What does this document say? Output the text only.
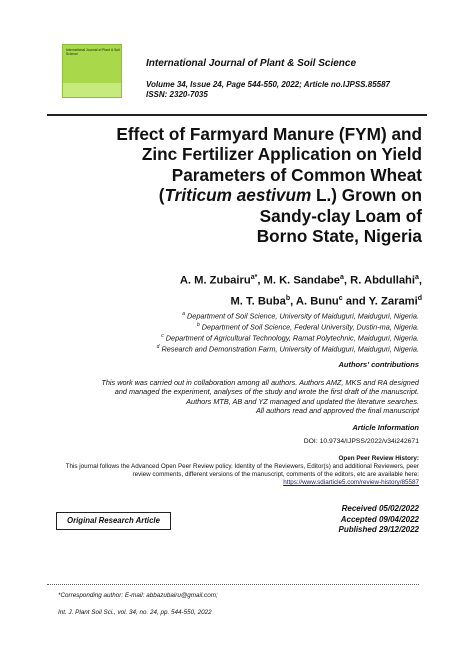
International Journal of Plant & Soil Science
International Journal of Plant & Soil Science
Volume 34, Issue 24, Page 544-550, 2022; Article no.IJPSS.85587
ISSN: 2320-7035
Effect of Farmyard Manure (FYM) and
Zinc Fertilizer Application on Yield
Parameters of Common Wheat
(Triticum aestivum L.) Grown on
Sandy-clay Loam of
Borno State, Nigeria
A. M. Zubairu$^{a*}$, M. K. Sandabe$^a$, R. Abdullahi$^a$,
M. T. Buba$^b$, A. Bunu$^c$ and Y. Zarami$^d$
$^a$ Department of Soil Science, University of Maiduguri, Maiduguri, Nigeria.
$^b$ Department of Soil Science, Federal University, Dustin-ma, Nigeria.
$^c$ Department of Agricultural Technology, Ramat Polytechnic, Maiduguri, Nigeria.
$^d$ Research and Demonstration Farm, University of Maiduguri, Maiduguri, Nigeria.
Authors' contributions
This work was carried out in collaboration among all authors. Authors AMZ, MKS and RA designed
and managed the experiment, analyses of the study and wrote the first draft of the manuscript.
Authors MTB, AB and YZ managed and updated the literature searches.
All authors read and approved the final manuscript
Article Information
DOI: 10.9734/IJPSS/2022/v34i242671
Open Peer Review History:
This journal follows the Advanced Open Peer Review policy. Identity of the Reviewers, Editor(s) and additional Reviewers, peer
review comments, different versions of the manuscript, comments of the editors, etc are available here:
https://www.sdiarticle5.com/review-history/85587
Original Research Article
Received 05/02/2022
Accepted 09/04/2022
Published 29/12/2022
*Corresponding author: E-mail: abbazubairu@gmail.com;
Int. J. Plant Soil Sci., vol. 34, no. 24, pp. 544-550, 2022
